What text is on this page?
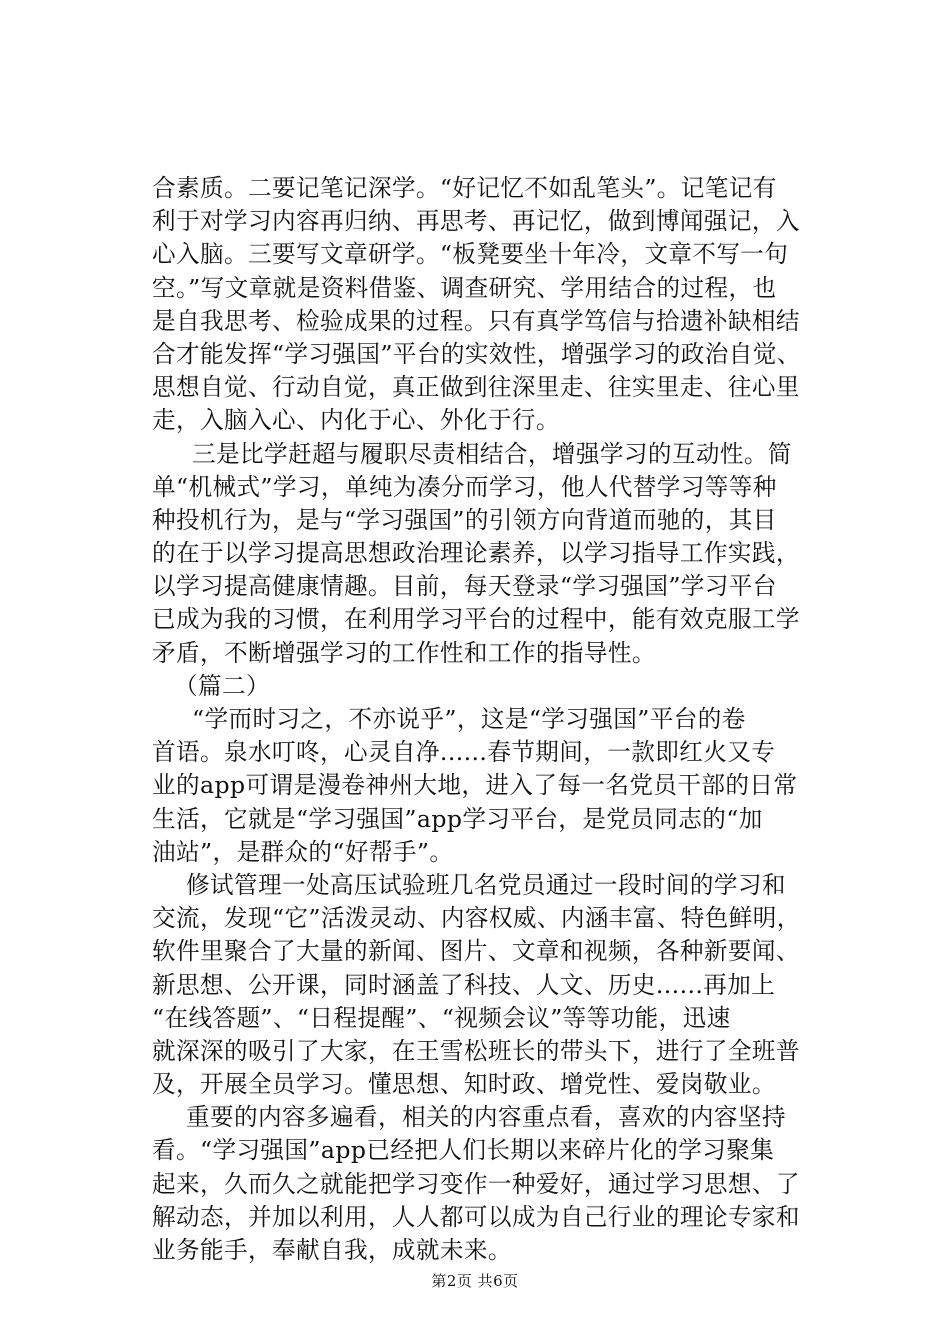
合素质。二要记笔记深学。“好记忆不如乱笔头”。记笔记有
利于对学习内容再归纳、再思考、再记忆，做到博闻强记，入
心入脑。三要写文章研学。“板凳要坐十年冷，文章不写一句
空。”写文章就是资料借鉴、调查研究、学用结合的过程，也
是自我思考、检验成果的过程。只有真学笃信与拾遗补缺相结
合才能发挥“学习强国”平台的实效性，增强学习的政治自觉、
思想自觉、行动自觉，真正做到往深里走、往实里走、往心里
走，入脑入心、内化于心、外化于行。
三是比学赶超与履职尽责相结合，增强学习的互动性。简
单“机械式”学习，单纯为凑分而学习，他人代替学习等等种
种投机行为，是与“学习强国”的引领方向背道而驰的，其目
的在于以学习提高思想政治理论素养，以学习指导工作实践，
以学习提高健康情趣。目前，每天登录“学习强国”学习平台
已成为我的习惯，在利用学习平台的过程中，能有效克服工学
矛盾，不断增强学习的工作性和工作的指导性。
（篇二）
“学而时习之，不亦说乎”，这是“学习强国”平台的卷
首语。泉水叮咚，心灵自净......春节期间，一款即红火又专
业的app可谓是漫卷神州大地，进入了每一名党员干部的日常
生活，它就是“学习强国”app学习平台，是党员同志的“加
油站”，是群众的“好帮手”。
修试管理一处高压试验班几名党员通过一段时间的学习和
交流，发现“它”活泼灵动、内容权威、内涵丰富、特色鲜明，
软件里聚合了大量的新闻、图片、文章和视频，各种新要闻、
新思想、公开课，同时涵盖了科技、人文、历史......再加上
“在线答题”、“日程提醒”、“视频会议”等等功能，迅速
就深深的吸引了大家，在王雪松班长的带头下，进行了全班普
及，开展全员学习。懂思想、知时政、增党性、爱岗敬业。
重要的内容多遍看，相关的内容重点看，喜欢的内容坚持
看。“学习强国”app已经把人们长期以来碎片化的学习聚集
起来，久而久之就能把学习变作一种爱好，通过学习思想、了
解动态，并加以利用，人人都可以成为自己行业的理论专家和
业务能手，奉献自我，成就未来。
第2页 共6页
